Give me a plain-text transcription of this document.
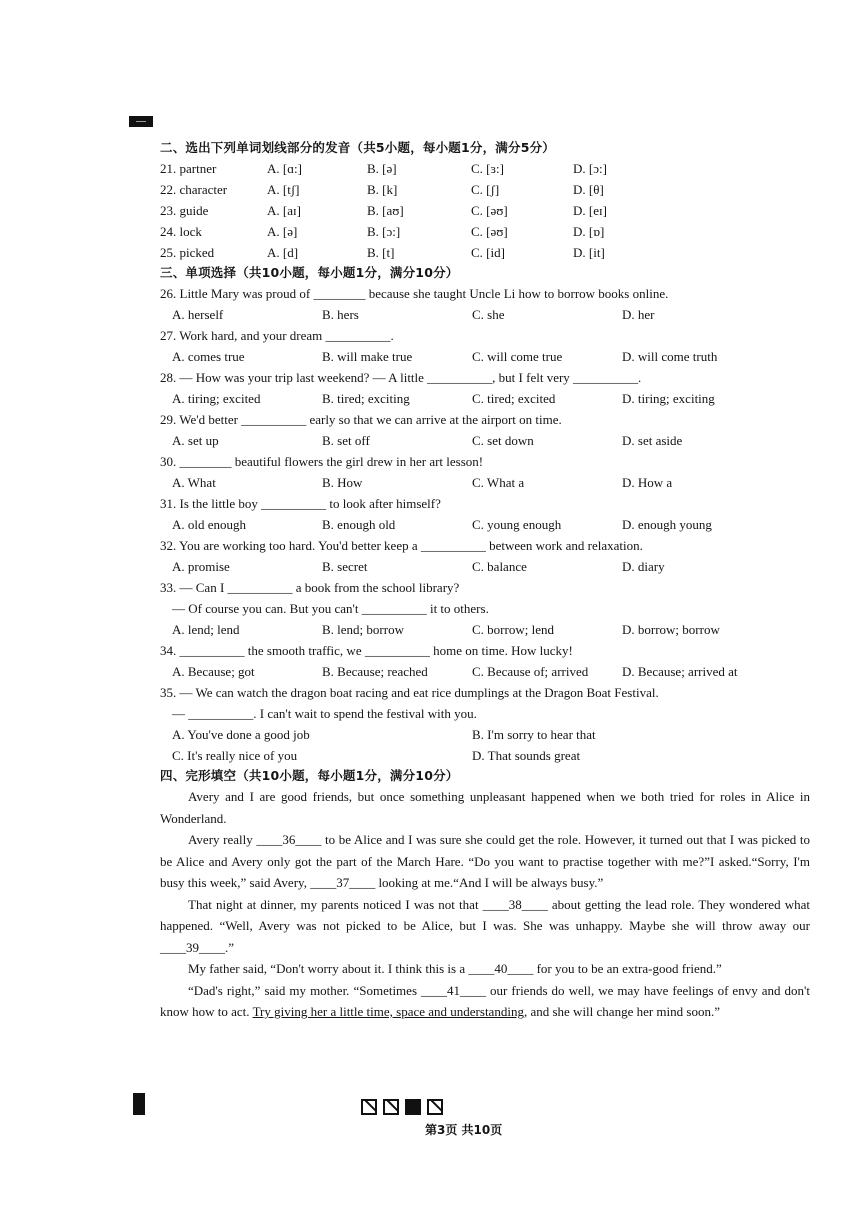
二、选出下列单词划线部分的发音（共5小题，每小题1分，满分5分）
21. partner	A. [ɑ:]	B. [ə]	C. [ɜ:]	D. [ɔ:]
22. character	A. [tʃ]	B. [k]	C. [ʃ]	D. [θ]
23. guide	A. [aɪ]	B. [aʊ]	C. [əʊ]	D. [eɪ]
24. lock	A. [ə]	B. [ɔ:]	C. [əʊ]	D. [ɒ]
25. picked	A. [d]	B. [t]	C. [id]	D. [it]
三、单项选择（共10小题，每小题1分，满分10分）
26. Little Mary was proud of ________ because she taught Uncle Li how to borrow books online.
A. herself	B. hers	C. she	D. her
27. Work hard, and your dream __________.
A. comes true	B. will make true	C. will come true	D. will come truth
28. — How was your trip last weekend? — A little __________, but I felt very __________.
A. tiring; excited	B. tired; exciting	C. tired; excited	D. tiring; exciting
29. We'd better __________ early so that we can arrive at the airport on time.
A. set up	B. set off	C. set down	D. set aside
30. ________ beautiful flowers the girl drew in her art lesson!
A. What	B. How	C. What a	D. How a
31. Is the little boy __________ to look after himself?
A. old enough	B. enough old	C. young enough	D. enough young
32. You are working too hard. You'd better keep a __________ between work and relaxation.
A. promise	B. secret	C. balance	D. diary
33. — Can I __________ a book from the school library?
— Of course you can. But you can't __________ it to others.
A. lend; lend	B. lend; borrow	C. borrow; lend	D. borrow; borrow
34. __________ the smooth traffic, we __________ home on time. How lucky!
A. Because; got	B. Because; reached	C. Because of; arrived	D. Because; arrived at
35. — We can watch the dragon boat racing and eat rice dumplings at the Dragon Boat Festival.
— __________. I can't wait to spend the festival with you.
A. You've done a good job	B. I'm sorry to hear that
C. It's really nice of you	D. That sounds great
四、完形填空（共10小题，每小题1分，满分10分）
Avery and I are good friends, but once something unpleasant happened when we both tried for roles in Alice in Wonderland.
Avery really ____36____ to be Alice and I was sure she could get the role. However, it turned out that I was picked to be Alice and Avery only got the part of the March Hare. “Do you want to practise together with me?”I asked.“Sorry, I'm busy this week,” said Avery, ____37____ looking at me.“And I will be always busy.”
That night at dinner, my parents noticed I was not that ____38____ about getting the lead role. They wondered what happened. “Well, Avery was not picked to be Alice, but I was. She was unhappy. Maybe she will throw away our ____39____.”
My father said, “Don't worry about it. I think this is a ____40____ for you to be an extra-good friend.”
“Dad's right,” said my mother. “Sometimes ____41____ our friends do well, we may have feelings of envy and don't know how to act. Try giving her a little time, space and understanding, and she will change her mind soon.”
第3页 共10页
